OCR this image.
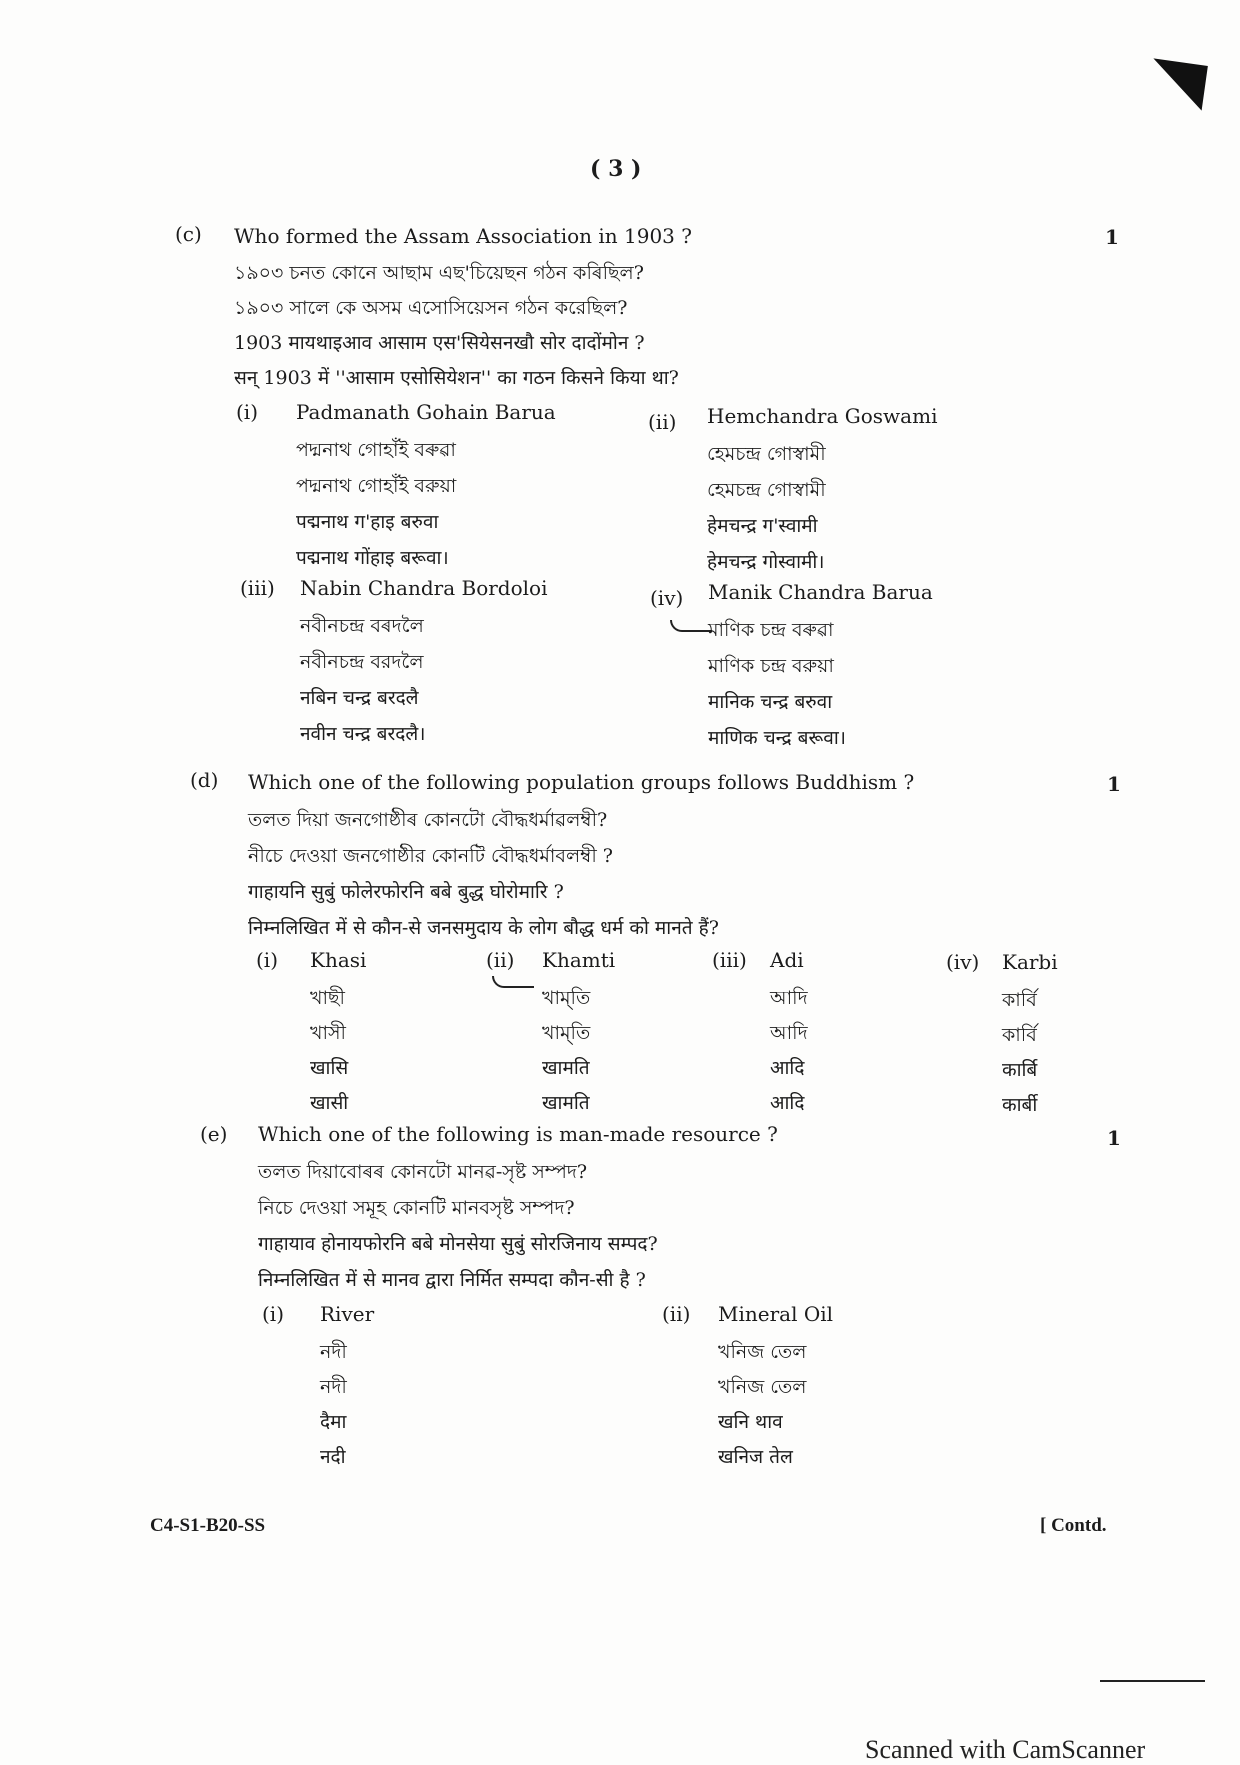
( 3 )
(c)	1
Who formed the Assam Association in 1903 ?
১৯০৩ চনত কোনে আছাম এছ'চিয়েছন গঠন কৰিছিল?
১৯০৩ সালে কে অসম এসোসিয়েসন গঠন করেছিল?
1903 मायथाइआव आसाम एस'सियेसनखौ सोर दादोंमोन ?
सन् 1903 में ''आसाम एसोसियेशन'' का गठन किसने किया था?
(i) Padmanath Gohain Barua
পদ্মনাথ গোহাঁই বৰুৱা
পদ্মনাথ গোহাঁই বরুয়া
पद्मनाथ ग'हाइ बरुवा
पद्मनाथ गोंहाइ बरूवा।
(ii) Hemchandra Goswami
হেমচন্দ্ৰ গোস্বামী
হেমচন্দ্র গোস্বামী
हेमचन्द्र ग'स्वामी
हेमचन्द्र गोस्वामी।
(iii) Nabin Chandra Bordoloi
নবীনচন্দ্ৰ বৰদলৈ
নবীনচন্দ্র বরদলৈ
नबिन चन्द्र बरदलै
नवीन चन्द्र बरदलै।
(iv) Manik Chandra Barua
মাণিক চন্দ্ৰ বৰুৱা
মাণিক চন্দ্র বরুয়া
मानिक चन्द्र बरुवा
माणिक चन्द्र बरूवा।
(d)	1
Which one of the following population groups follows Buddhism ?
তলত দিয়া জনগোষ্ঠীৰ কোনটো বৌদ্ধধৰ্মাৱলম্বী?
নীচে দেওয়া জনগোষ্ঠীর কোনটি বৌদ্ধধর্মাবলম্বী ?
गाहायनि सुबुं फोलेरफोरनि बबे बुद्ध घोरोमारि ?
निम्नलिखित में से कौन-से जनसमुदाय के लोग बौद्ध धर्म को मानते हैं?
(i) Khasi
খাছী
খাসী
खासि
खासी
(ii) Khamti
খাম্‌তি
খাম্‌তি
खामति
खामति
(iii) Adi
আদি
আদি
आदि
आदि
(iv) Karbi
কাৰ্বি
কার্বি
कार्बि
कार्बी
(e)	1
Which one of the following is man-made resource ?
তলত দিয়াবোৰৰ কোনটো মানৱ-সৃষ্ট সম্পদ?
নিচে দেওয়া সমূহ কোনটি মানবসৃষ্ট সম্পদ?
गाहायाव होनायफोरनि बबे मोनसेया सुबुं सोरजिनाय सम्पद?
निम्नलिखित में से मानव द्वारा निर्मित सम्पदा कौन-सी है ?
(i) River
নদী
নদী
दैमा
नदी
(ii) Mineral Oil
খনিজ তেল
খনিজ তেল
खनि थाव
खनिज तेल
C4-S1-B20-SS	[ Contd.
Scanned with CamScanner
